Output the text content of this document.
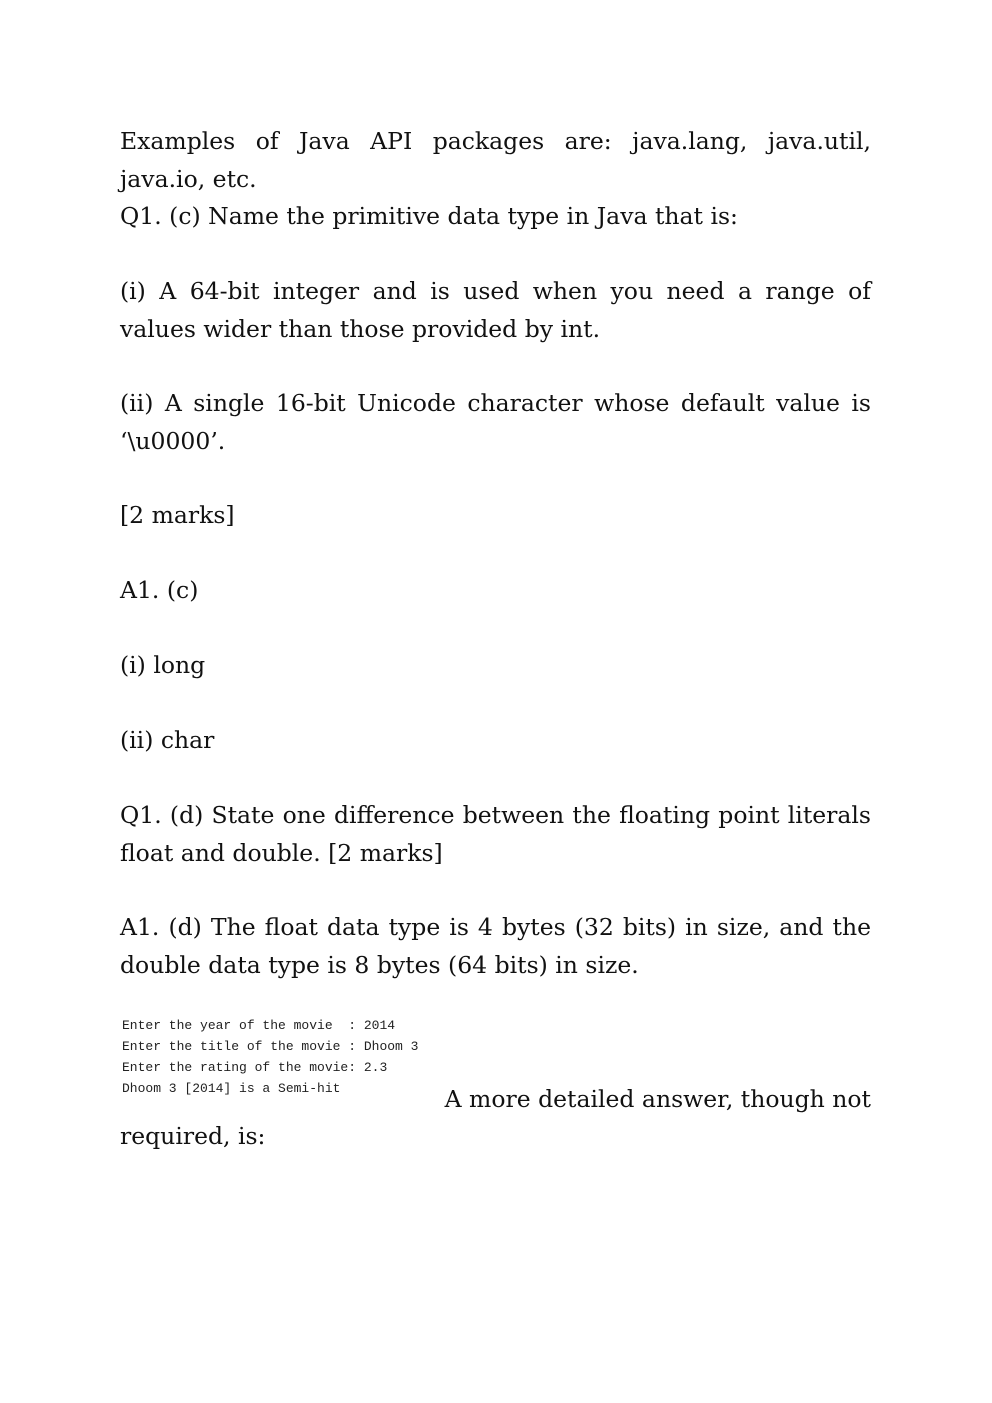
Examples of Java API packages are: java.lang, java.util, java.io, etc.

Q1. (c) Name the primitive data type in Java that is:

(i) A 64-bit integer and is used when you need a range of values wider than those provided by int.

(ii) A single 16-bit Unicode character whose default value is ‘\u0000’.

[2 marks]

A1. (c)

(i) long

(ii) char

Q1. (d) State one difference between the floating point literals float and double. [2 marks]

A1. (d) The float data type is 4 bytes (32 bits) in size, and the double data type is 8 bytes (64 bits) in size.

Enter the year of the movie  : 2014
Enter the title of the movie : Dhoom 3
Enter the rating of the movie: 2.3
Dhoom 3 [2014] is a Semi-hit	A more detailed answer, though not

required, is:
